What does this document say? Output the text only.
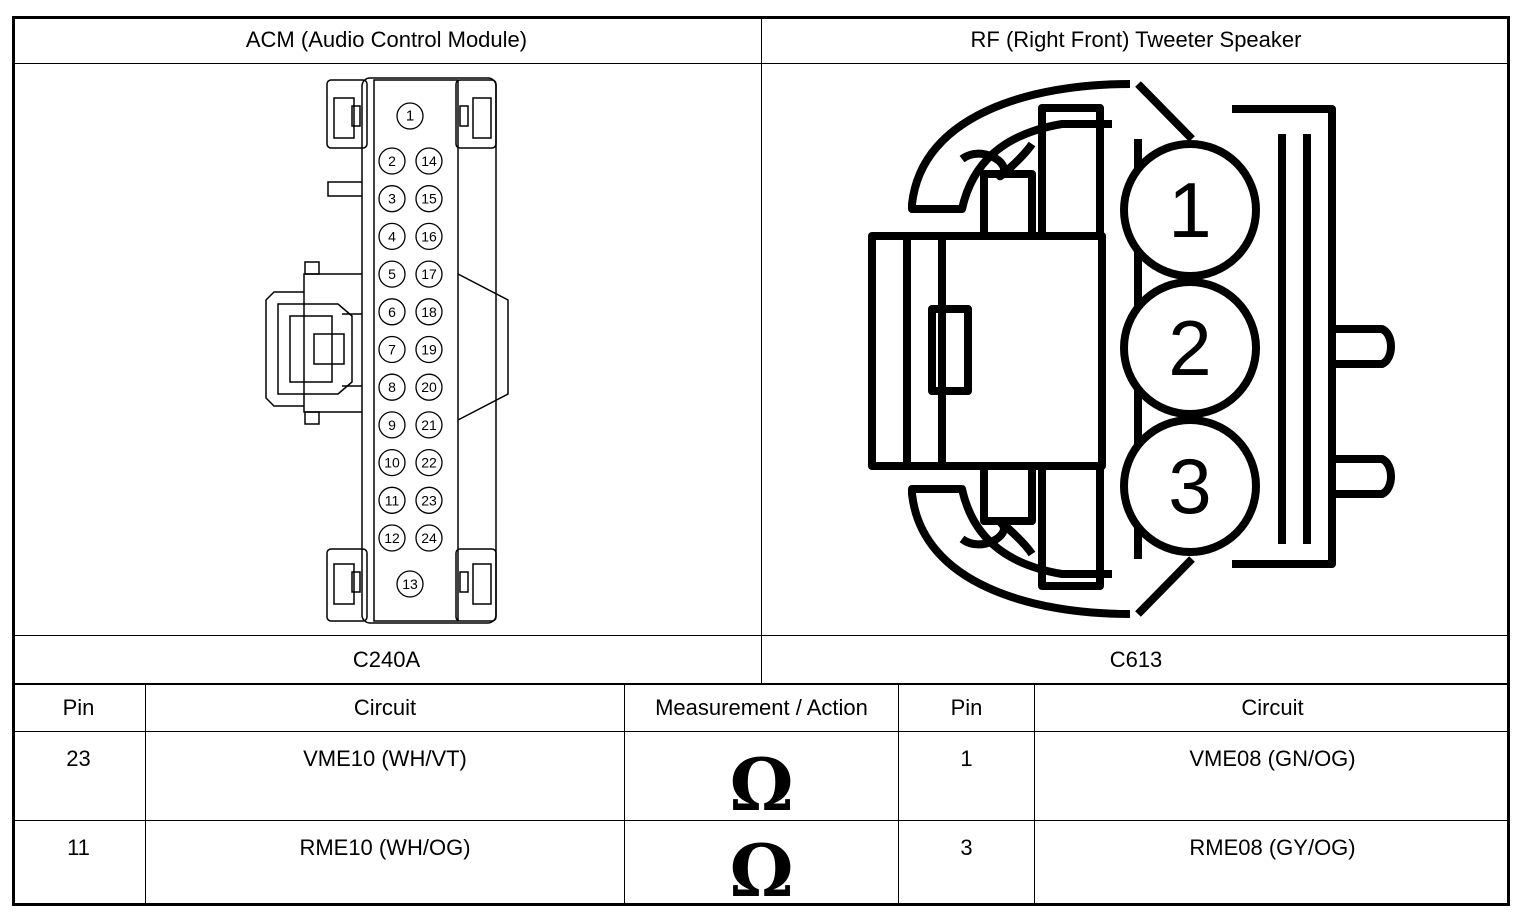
ACM (Audio Control Module)	RF (Right Front) Tweeter Speaker
1
2
3
4
5
6
7
8
9
10
11
12
14
15
16
17
18
19
20
21
22
23
24
13
1
2
3
C240A	C613
Pin	Circuit	Measurement / Action	Pin	Circuit
23	VME10 (WH/VT)	Ω	1	VME08 (GN/OG)
11	RME10 (WH/OG)	Ω	3	RME08 (GY/OG)
